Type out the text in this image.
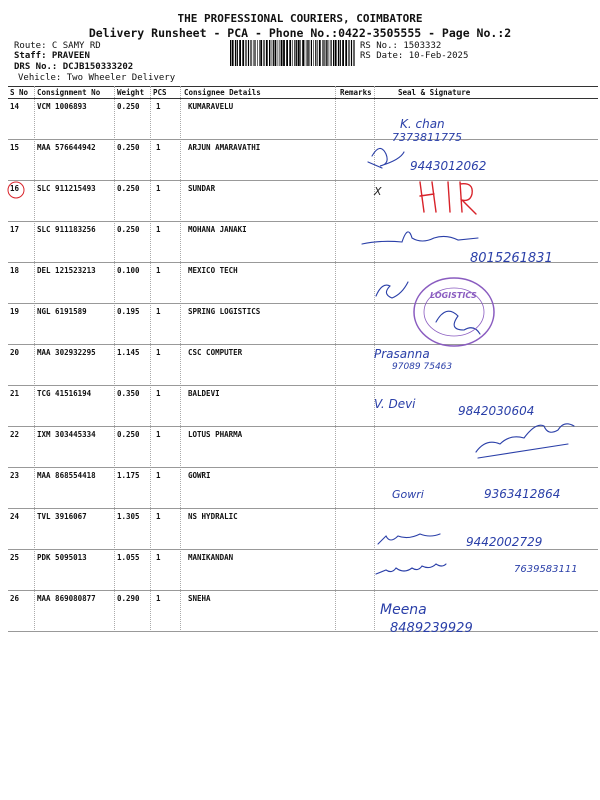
THE PROFESSIONAL COURIERS, COIMBATORE
Delivery Runsheet - PCA - Phone No.:0422-3505555 - Page No.:2
Route: C SAMY RD
Staff: PRAVEEN
DRS No.: DCJB150333202
Vehicle: Two Wheeler Delivery
RS No.: 1503332
RS Date: 10-Feb-2025
S No Consignment No Weight PCS Consignee Details	Remarks	Seal & Signature
14 VCM 1006893	0.250 1	KUMARAVELU
15 MAA 576644942	0.250 1	ARJUN AMARAVATHI
16 SLC 911215493	0.250 1	SUNDAR
17 SLC 911183256	0.250 1	MOHANA JANAKI
18 DEL 121523213	0.100 1	MEXICO TECH
19 NGL 6191589	0.195 1	SPRING LOGISTICS
20 MAA 302932295	1.145 1	CSC COMPUTER
21 TCG 41516194	0.350 1	BALDEVI
22 IXM 303445334	0.250 1	LOTUS PHARMA
23 MAA 868554418	1.175 1	GOWRI
24 TVL 3916067	1.305 1	NS HYDRALIC
25 PDK 5095013	1.055 1	MANIKANDAN
26 MAA 869080877	0.290 1	SNEHA
K. chan
7373811775
9443012062
X
8015261831
LOGISTICS
Prasanna
97089 75463
V. Devi	9842030604
Gowri	9363412864
9442002729
7639583111
Meena
8489239929
HIR
